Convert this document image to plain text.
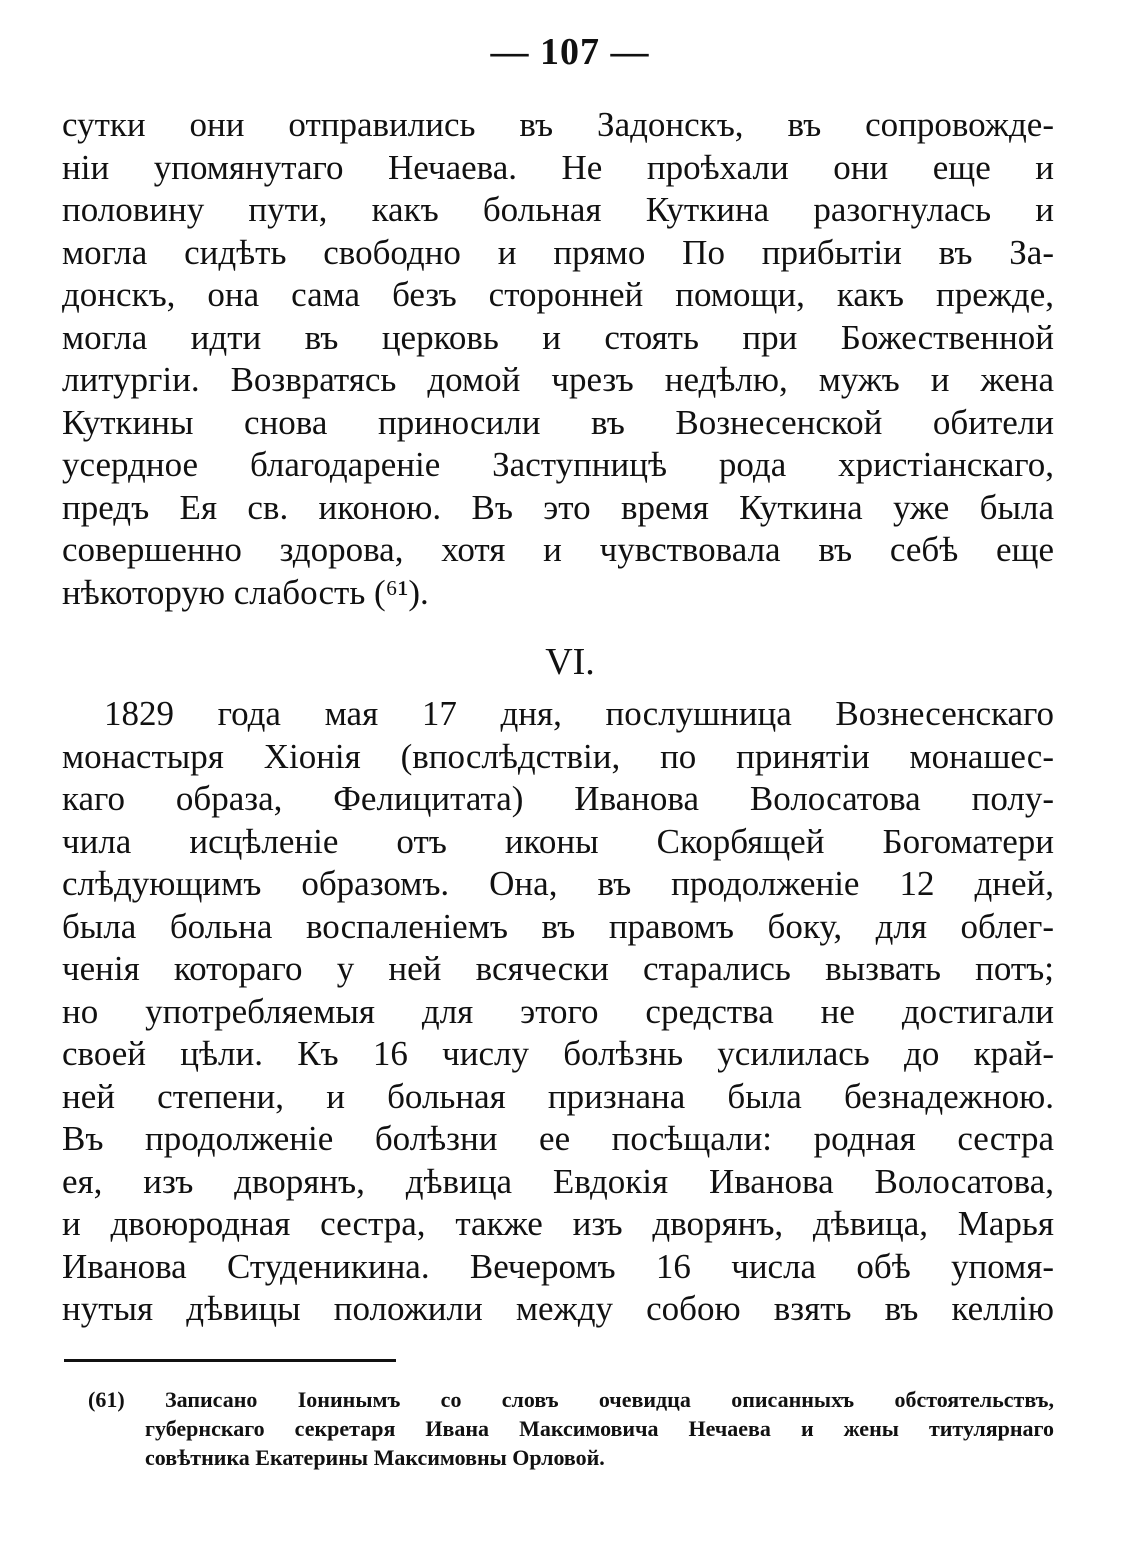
— 107 —
сутки они отправились въ Задонскъ, въ сопровожде-
ніи упомянутаго Нечаева. Не проѣхали они еще и
половину пути, какъ больная Куткина разогнулась и
могла сидѣть свободно и прямо По прибытіи въ За-
донскъ, она сама безъ сторонней помощи, какъ прежде,
могла идти въ церковь и стоять при Божественной
литургіи. Возвратясь домой чрезъ недѣлю, мужъ и жена
Куткины снова приносили въ Вознесенской обители
усердное благодареніе Заступницѣ рода христіанскаго,
предъ Ея св. иконою. Въ это время Куткина уже была
совершенно здорова, хотя и чувствовала въ себѣ еще
нѣкоторую слабость (⁶¹).
VI.
1829 года мая 17 дня, послушница Вознесенскаго
монастыря Хіонія (впослѣдствіи, по принятіи монашес-
каго образа, Фелицитата) Иванова Волосатова полу-
чила исцѣленіе отъ иконы Скорбящей Богоматери
слѣдующимъ образомъ. Она, въ продолженіе 12 дней,
была больна воспаленіемъ въ правомъ боку, для облег-
ченія котораго у ней всячески старались вызвать потъ;
но употребляемыя для этого средства не достигали
своей цѣли. Къ 16 числу болѣзнь усилилась до край-
ней степени, и больная признана была безнадежною.
Въ продолженіе болѣзни ее посѣщали: родная сестра
ея, изъ дворянъ, дѣвица Евдокія Иванова Волосатова,
и двоюродная сестра, также изъ дворянъ, дѣвица, Марья
Иванова Студеникина. Вечеромъ 16 числа обѣ упомя-
нутыя дѣвицы положили между собою взять въ келлію
(61) Записано Іонинымъ со словъ очевидца описанныхъ обстоятельствъ,
губернскаго секретаря Ивана Максимовича Нечаева и жены титулярнаго
совѣтника Екатерины Максимовны Орловой.
